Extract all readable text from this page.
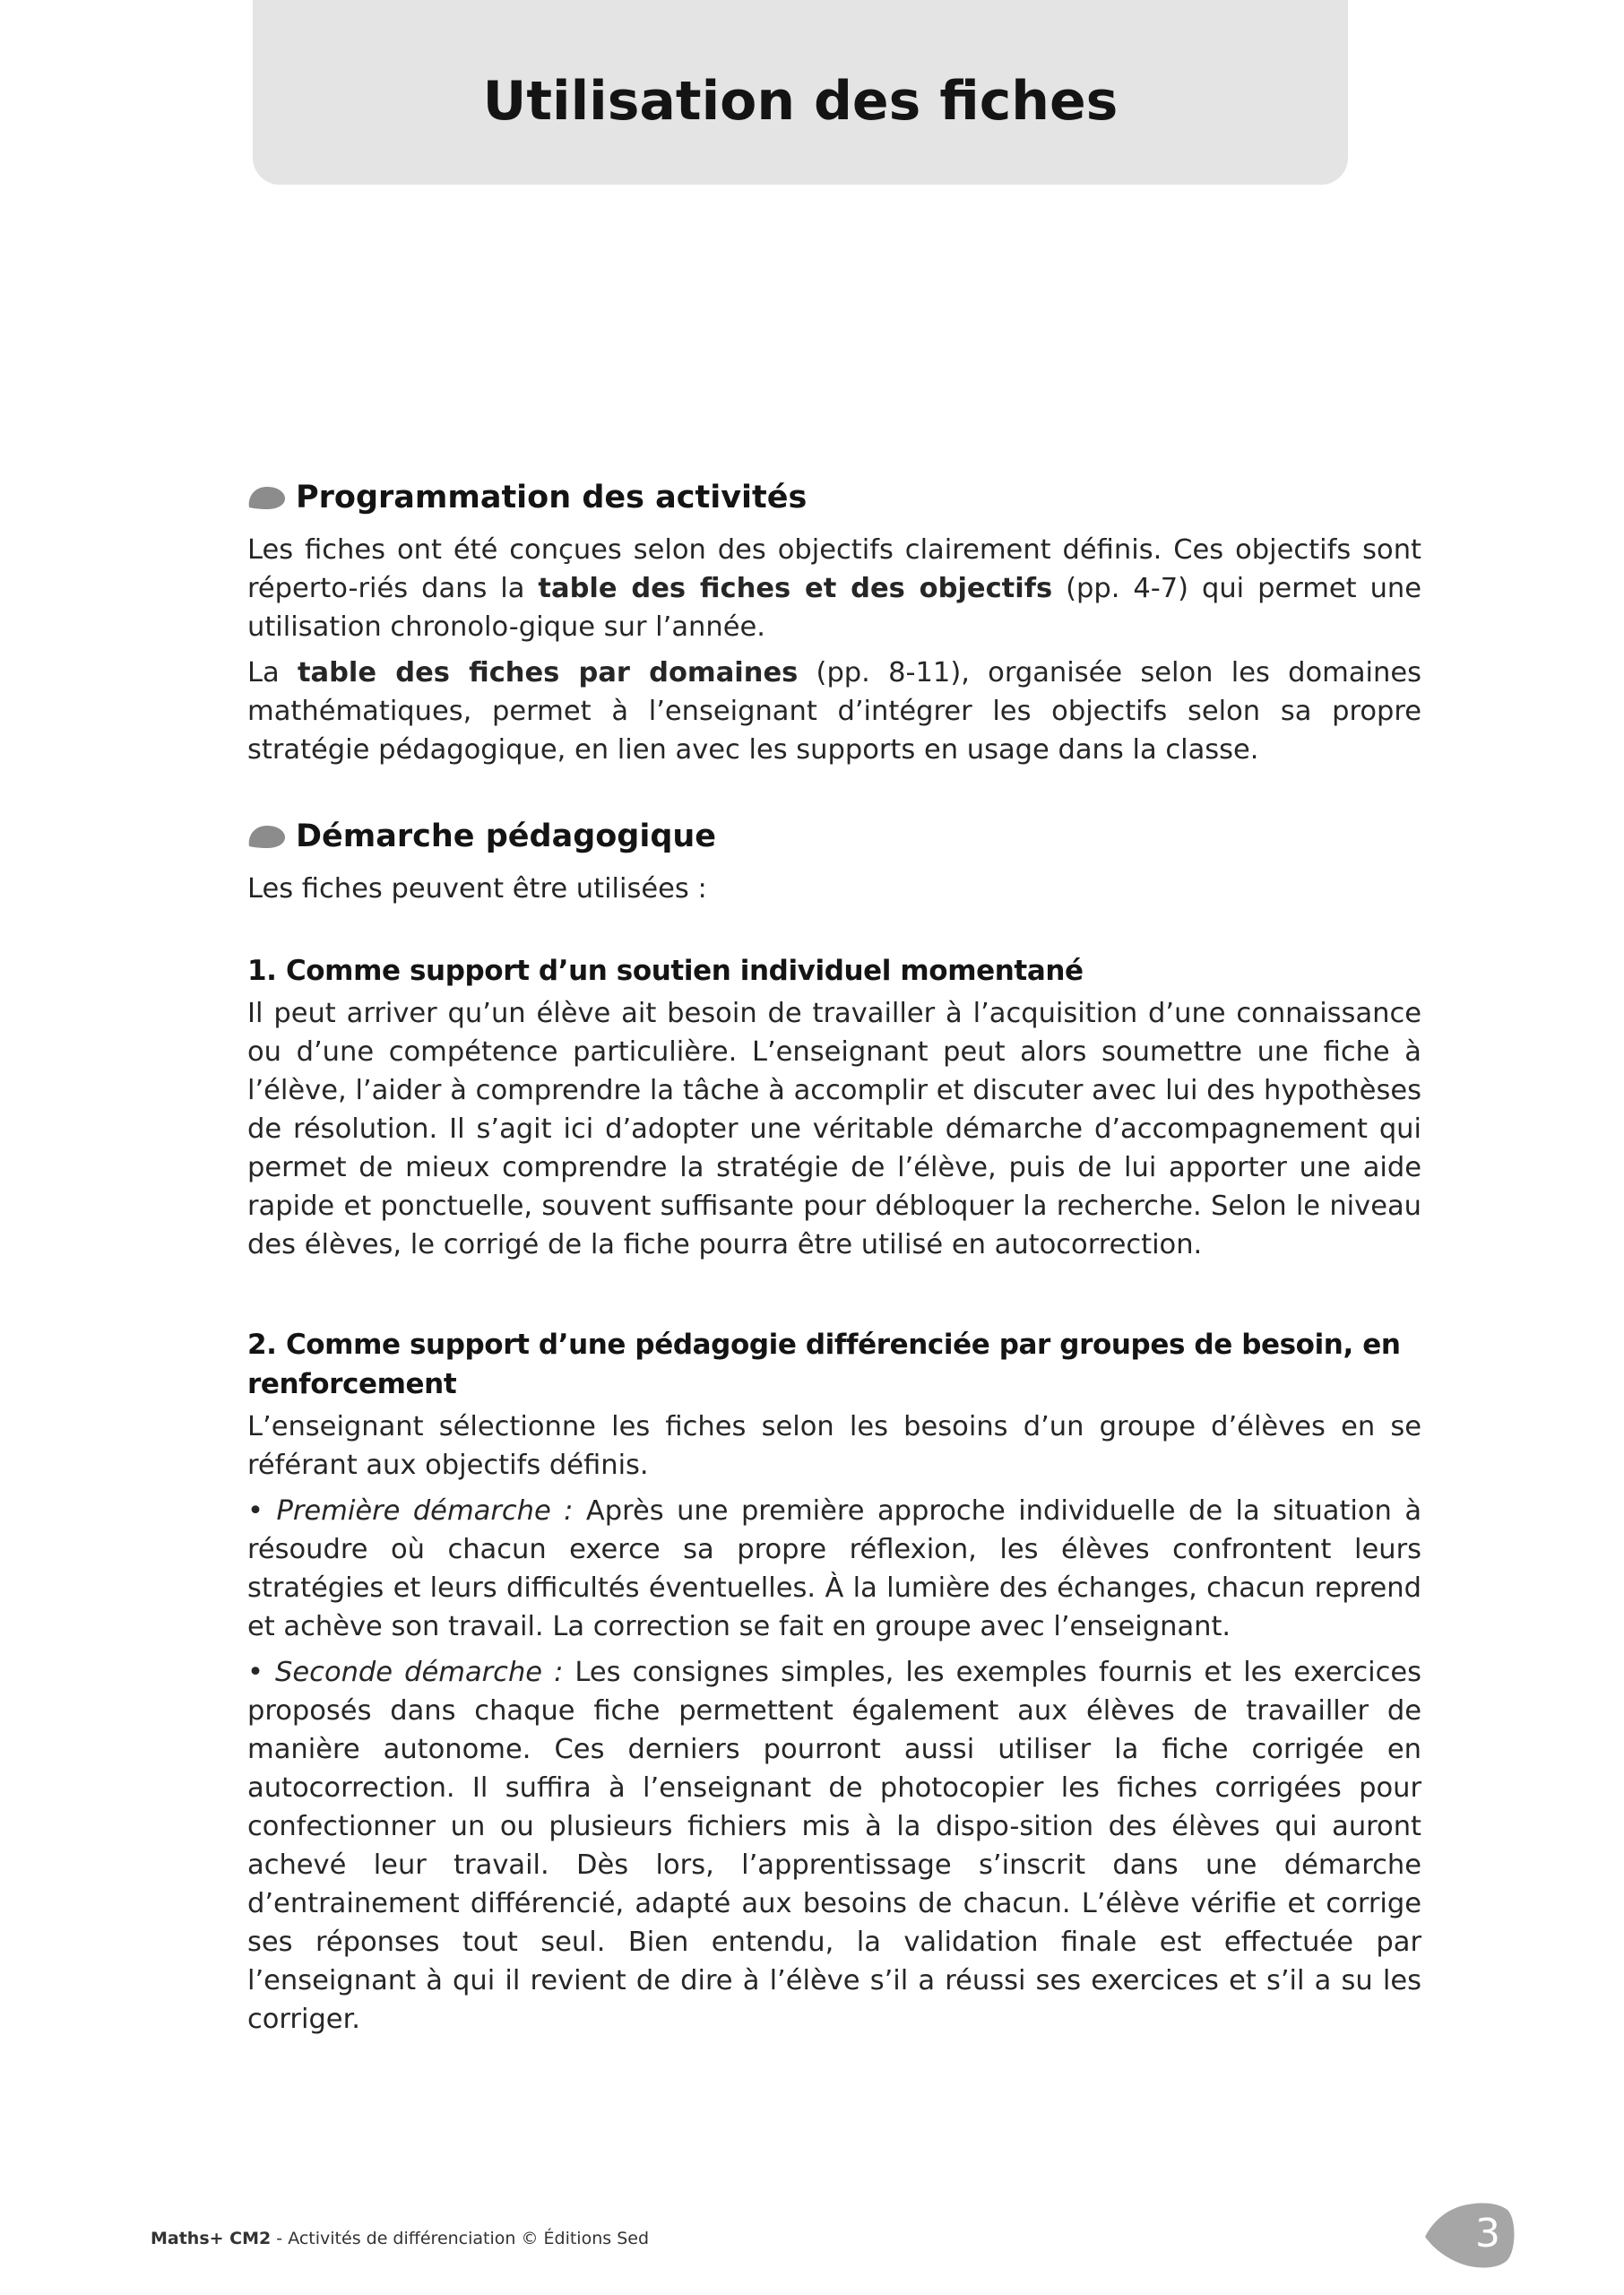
Utilisation des fiches
Programmation des activités

Les fiches ont été conçues selon des objectifs clairement définis. Ces objectifs sont réperto-riés dans la table des fiches et des objectifs (pp. 4-7) qui permet une utilisation chronolo-gique sur l’année.

La table des fiches par domaines (pp. 8-11), organisée selon les domaines mathématiques, permet à l’enseignant d’intégrer les objectifs selon sa propre stratégie pédagogique, en lien avec les supports en usage dans la classe.

Démarche pédagogique

Les fiches peuvent être utilisées :

1. Comme support d’un soutien individuel momentané

Il peut arriver qu’un élève ait besoin de travailler à l’acquisition d’une connaissance ou d’une compétence particulière. L’enseignant peut alors soumettre une fiche à l’élève, l’aider à comprendre la tâche à accomplir et discuter avec lui des hypothèses de résolution. Il s’agit ici d’adopter une véritable démarche d’accompagnement qui permet de mieux comprendre la stratégie de l’élève, puis de lui apporter une aide rapide et ponctuelle, souvent suffisante pour débloquer la recherche. Selon le niveau des élèves, le corrigé de la fiche pourra être utilisé en autocorrection.

2. Comme support d’une pédagogie différenciée par groupes de besoin, en renforcement

L’enseignant sélectionne les fiches selon les besoins d’un groupe d’élèves en se référant aux objectifs définis.

• Première démarche : Après une première approche individuelle de la situation à résoudre où chacun exerce sa propre réflexion, les élèves confrontent leurs stratégies et leurs difficultés éventuelles. À la lumière des échanges, chacun reprend et achève son travail. La correction se fait en groupe avec l’enseignant.

• Seconde démarche : Les consignes simples, les exemples fournis et les exercices proposés dans chaque fiche permettent également aux élèves de travailler de manière autonome. Ces derniers pourront aussi utiliser la fiche corrigée en autocorrection. Il suffira à l’enseignant de photocopier les fiches corrigées pour confectionner un ou plusieurs fichiers mis à la dispo-sition des élèves qui auront achevé leur travail. Dès lors, l’apprentissage s’inscrit dans une démarche d’entrainement différencié, adapté aux besoins de chacun. L’élève vérifie et corrige ses réponses tout seul. Bien entendu, la validation finale est effectuée par l’enseignant à qui il revient de dire à l’élève s’il a réussi ses exercices et s’il a su les corriger.

Maths+ CM2 - Activités de différenciation © Éditions Sed	3
